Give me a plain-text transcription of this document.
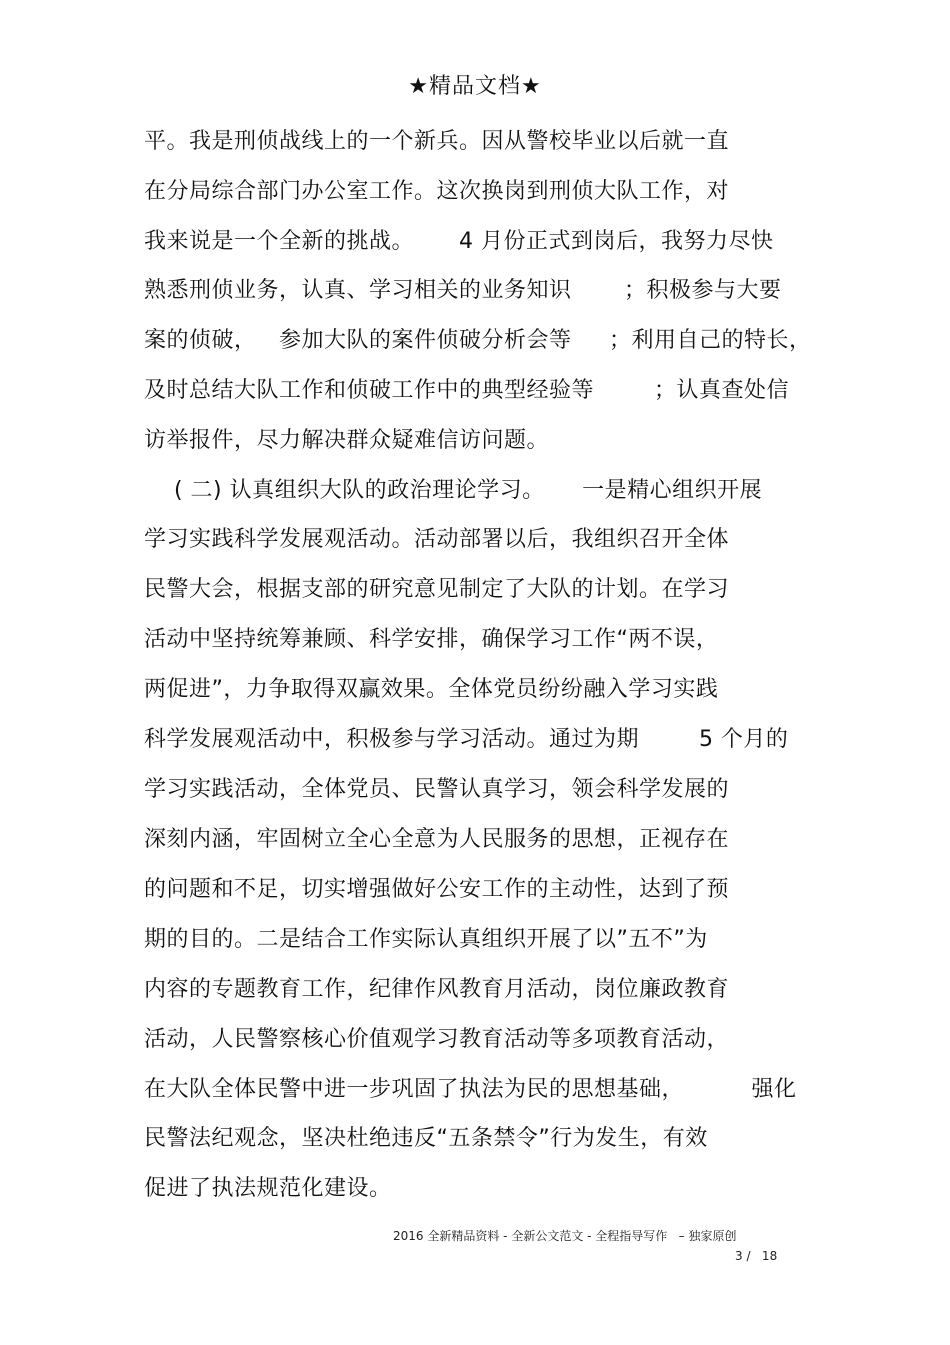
★精品文档★
平。我是刑侦战线上的一个新兵。因从警校毕业以后就一直
在分局综合部门办公室工作。这次换岗到刑侦大队工作，对
我来说是一个全新的挑战。      4 月份正式到岗后，我努力尽快
熟悉刑侦业务，认真、学习相关的业务知识       ；积极参与大要
案的侦破，   参加大队的案件侦破分析会等     ；利用自己的特长，
及时总结大队工作和侦破工作中的典型经验等        ；认真查处信
访举报件，尽力解决群众疑难信访问题。
( 二) 认真组织大队的政治理论学习。     一是精心组织开展
学习实践科学发展观活动。活动部署以后，我组织召开全体
民警大会，根据支部的研究意见制定了大队的计划。在学习
活动中坚持统筹兼顾、科学安排，确保学习工作“两不误，
两促进”，力争取得双赢效果。全体党员纷纷融入学习实践
科学发展观活动中，积极参与学习活动。通过为期        5 个月的
学习实践活动，全体党员、民警认真学习，领会科学发展的
深刻内涵，牢固树立全心全意为人民服务的思想，正视存在
的问题和不足，切实增强做好公安工作的主动性，达到了预
期的目的。二是结合工作实际认真组织开展了以”五不”为
内容的专题教育工作，纪律作风教育月活动，岗位廉政教育
活动，人民警察核心价值观学习教育活动等多项教育活动，
在大队全体民警中进一步巩固了执法为民的思想基础，         强化
民警法纪观念，坚决杜绝违反“五条禁令”行为发生，有效
促进了执法规范化建设。
2016 全新精品资料 - 全新公文范文 - 全程指导写作   – 独家原创
3 /   18
